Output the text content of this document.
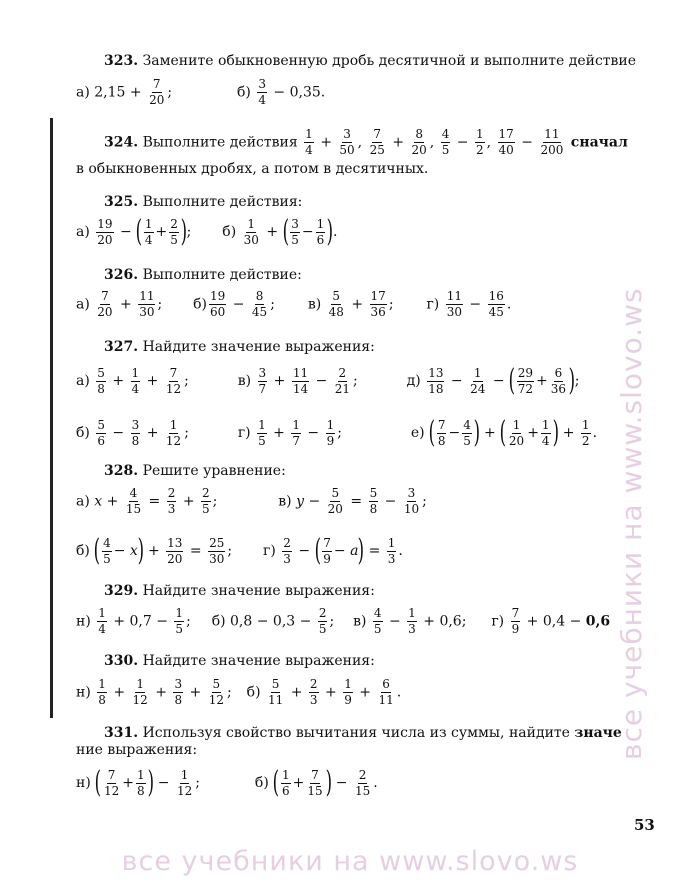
323. Замените обыкновенную дробь десятичной и выполните действие
а) $2,15 + \frac{7}{20}$ ;	$б) \frac{3}{4} - 0,35$.
324. Выполните действия $\frac{1}{4} + \frac{3}{50}$ , $\frac{7}{25} + \frac{8}{20}$ , $\frac{4}{5} - \frac{1}{2}$ , $\frac{17}{40} - \frac{11}{200}$ сначал
в обыкновенных дробях, а потом в десятичных.
325. Выполните действия:
$а) \frac{19}{20}$ − ( $\frac{1}{4} + \frac{2}{5}$ );  $б) \frac{1}{30}$ + ( $\frac{3}{5} - \frac{1}{6}$ ).
326. Выполните действие:
$а) \frac{7}{20} + \frac{11}{30}$ ;  $б) \frac{19}{60} - \frac{8}{45}$ ;  $в) \frac{5}{48} + \frac{17}{36}$ ;  $г) \frac{11}{30} - \frac{16}{45}$ .
327. Найдите значение выражения:
$а) \frac{5}{8} + \frac{1}{4} + \frac{7}{12}$ ;	$в) \frac{3}{7} + \frac{11}{14} - \frac{2}{21}$ ;	$д) \frac{13}{18} - \frac{1}{24}$ − ( $\frac{29}{72} + \frac{6}{36}$ );
$б) \frac{5}{6} - \frac{3}{8} + \frac{1}{12}$ ;	$г) \frac{1}{5} + \frac{1}{7} - \frac{1}{9}$ ;	е) ( $\frac{7}{8} - \frac{4}{5}$ ) + ( $\frac{1}{20} + \frac{1}{4}$ ) + $\frac{1}{2}$ .
328. Решите уравнение:
а) $x + \frac{4}{15} = \frac{2}{3} + \frac{2}{5}$ ;	в) $y - \frac{5}{20} = \frac{5}{8} - \frac{3}{10}$ ;
б) ( $\frac{4}{5} - x) + \frac{13}{20} = \frac{25}{30}$ ;  $г) \frac{2}{3}$ − ( $\frac{7}{9} - a) = \frac{1}{3}$ .
329. Найдите значение выражения:
$н) \frac{1}{4} + 0,7 - \frac{1}{5}$ ;  б) $0,8 - 0,3 - \frac{2}{5}$ ;  $в) \frac{4}{5} - \frac{1}{3} + 0,6$;  $г) \frac{7}{9} + 0,4 - 0,6$
330. Найдите значение выражения:
$н) \frac{1}{8} + \frac{1}{12} + \frac{3}{8} + \frac{5}{12}$ ;  $б) \frac{5}{11} + \frac{2}{3} + \frac{1}{9} + \frac{6}{11}$ .
331. Используя свойство вычитания числа из суммы, найдите значе
ние выражения:
н) ( $\frac{7}{12} + \frac{1}{8}$ ) − $\frac{1}{12}$ ;	б) ( $\frac{1}{6} + \frac{7}{15}$ ) − $\frac{2}{15}$ .
53
все учебники на www.slovo.ws
все учебники на www.slovo.ws
